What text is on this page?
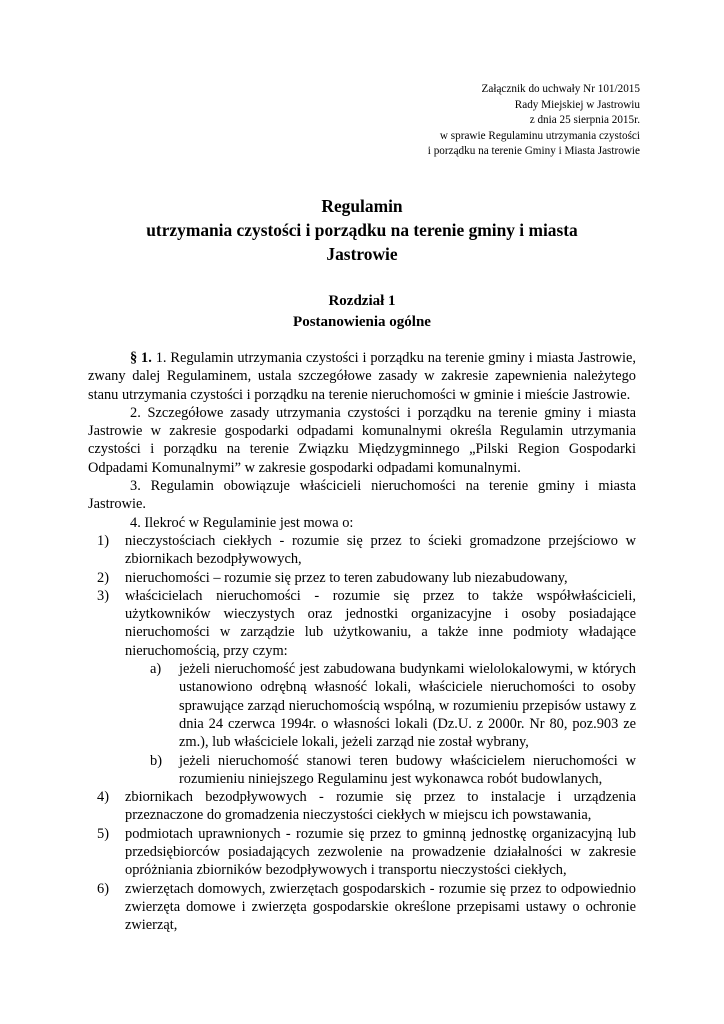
Załącznik do uchwały Nr 101/2015
Rady Miejskiej w Jastrowiu
z dnia 25 sierpnia 2015r.
w sprawie Regulaminu utrzymania czystości
i porządku na terenie Gminy i Miasta Jastrowie
Regulamin
utrzymania czystości i porządku na terenie gminy i miasta
Jastrowie
Rozdział 1
Postanowienia ogólne

§ 1. 1. Regulamin utrzymania czystości i porządku na terenie gminy i miasta Jastrowie, zwany dalej Regulaminem, ustala szczegółowe zasady w zakresie zapewnienia należytego stanu utrzymania czystości i porządku na terenie nieruchomości w gminie i mieście Jastrowie.

2. Szczegółowe zasady utrzymania czystości i porządku na terenie gminy i miasta Jastrowie w zakresie gospodarki odpadami komunalnymi określa Regulamin utrzymania czystości i porządku na terenie Związku Międzygminnego „Pilski Region Gospodarki Odpadami Komunalnymi” w zakresie gospodarki odpadami komunalnymi.

3. Regulamin obowiązuje właścicieli nieruchomości na terenie gminy i miasta Jastrowie.

4. Ilekroć w Regulaminie jest mowa o:

1) nieczystościach ciekłych - rozumie się przez to ścieki gromadzone przejściowo w zbiornikach bezodpływowych,
2) nieruchomości – rozumie się przez to teren zabudowany lub niezabudowany,
3) właścicielach nieruchomości - rozumie się przez to także współwłaścicieli, użytkowników wieczystych oraz jednostki organizacyjne i osoby posiadające nieruchomości w zarządzie lub użytkowaniu, a także inne podmioty władające nieruchomością, przy czym:
a) jeżeli nieruchomość jest zabudowana budynkami wielolokalowymi, w których ustanowiono odrębną własność lokali, właściciele nieruchomości to osoby sprawujące zarząd nieruchomością wspólną, w rozumieniu przepisów ustawy z dnia 24 czerwca 1994r. o własności lokali (Dz.U. z 2000r. Nr 80, poz.903 ze zm.), lub właściciele lokali, jeżeli zarząd nie został wybrany,
b) jeżeli nieruchomość stanowi teren budowy właścicielem nieruchomości w rozumieniu niniejszego Regulaminu jest wykonawca robót budowlanych,
4) zbiornikach bezodpływowych - rozumie się przez to instalacje i urządzenia przeznaczone do gromadzenia nieczystości ciekłych w miejscu ich powstawania,
5) podmiotach uprawnionych - rozumie się przez to gminną jednostkę organizacyjną lub przedsiębiorców posiadających zezwolenie na prowadzenie działalności w zakresie opróżniania zbiorników bezodpływowych i transportu nieczystości ciekłych,
6) zwierzętach domowych, zwierzętach gospodarskich - rozumie się przez to odpowiednio zwierzęta domowe i zwierzęta gospodarskie określone przepisami ustawy o ochronie zwierząt,
